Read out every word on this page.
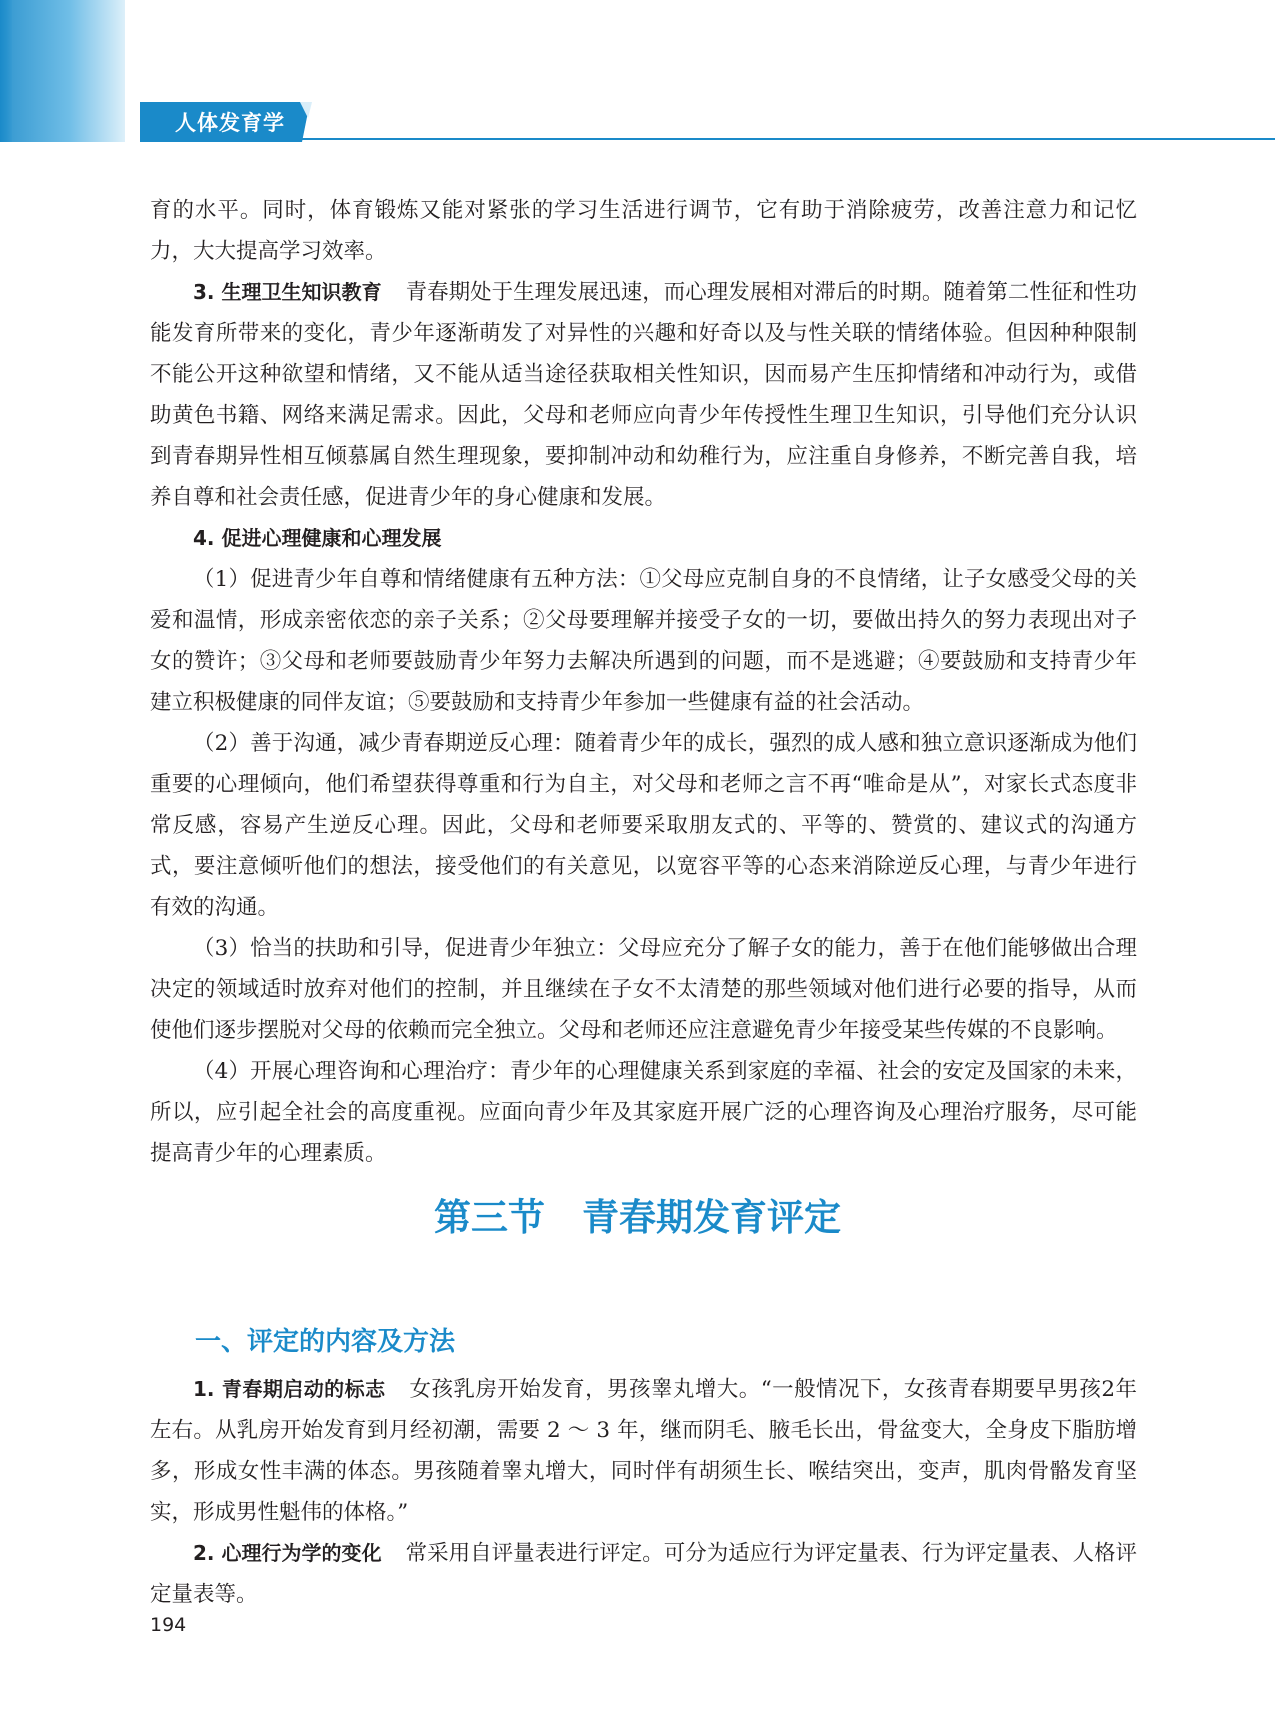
人体发育学

育的水平。同时，体育锻炼又能对紧张的学习生活进行调节，它有助于消除疲劳，改善注意力和记忆力，大大提高学习效率。

3. 生理卫生知识教育 青春期处于生理发展迅速，而心理发展相对滞后的时期。随着第二性征和性功能发育所带来的变化，青少年逐渐萌发了对异性的兴趣和好奇以及与性关联的情绪体验。但因种种限制不能公开这种欲望和情绪，又不能从适当途径获取相关性知识，因而易产生压抑情绪和冲动行为，或借助黄色书籍、网络来满足需求。因此，父母和老师应向青少年传授性生理卫生知识，引导他们充分认识到青春期异性相互倾慕属自然生理现象，要抑制冲动和幼稚行为，应注重自身修养，不断完善自我，培养自尊和社会责任感，促进青少年的身心健康和发展。

4. 促进心理健康和心理发展

（1）促进青少年自尊和情绪健康有五种方法：①父母应克制自身的不良情绪，让子女感受父母的关爱和温情，形成亲密依恋的亲子关系；②父母要理解并接受子女的一切，要做出持久的努力表现出对子女的赞许；③父母和老师要鼓励青少年努力去解决所遇到的问题，而不是逃避；④要鼓励和支持青少年建立积极健康的同伴友谊；⑤要鼓励和支持青少年参加一些健康有益的社会活动。

（2）善于沟通，减少青春期逆反心理：随着青少年的成长，强烈的成人感和独立意识逐渐成为他们重要的心理倾向，他们希望获得尊重和行为自主，对父母和老师之言不再“唯命是从”，对家长式态度非常反感，容易产生逆反心理。因此，父母和老师要采取朋友式的、平等的、赞赏的、建议式的沟通方式，要注意倾听他们的想法，接受他们的有关意见，以宽容平等的心态来消除逆反心理，与青少年进行有效的沟通。

（3）恰当的扶助和引导，促进青少年独立：父母应充分了解子女的能力，善于在他们能够做出合理决定的领域适时放弃对他们的控制，并且继续在子女不太清楚的那些领域对他们进行必要的指导，从而使他们逐步摆脱对父母的依赖而完全独立。父母和老师还应注意避免青少年接受某些传媒的不良影响。

（4）开展心理咨询和心理治疗：青少年的心理健康关系到家庭的幸福、社会的安定及国家的未来，所以，应引起全社会的高度重视。应面向青少年及其家庭开展广泛的心理咨询及心理治疗服务，尽可能提高青少年的心理素质。

第三节　青春期发育评定
一、评定的内容及方法

1. 青春期启动的标志 女孩乳房开始发育，男孩睾丸增大。“一般情况下，女孩青春期要早男孩2年左右。从乳房开始发育到月经初潮，需要 2 ～ 3 年，继而阴毛、腋毛长出，骨盆变大，全身皮下脂肪增多，形成女性丰满的体态。男孩随着睾丸增大，同时伴有胡须生长、喉结突出，变声，肌肉骨骼发育坚实，形成男性魁伟的体格。”

2. 心理行为学的变化 常采用自评量表进行评定。可分为适应行为评定量表、行为评定量表、人格评定量表等。

194
